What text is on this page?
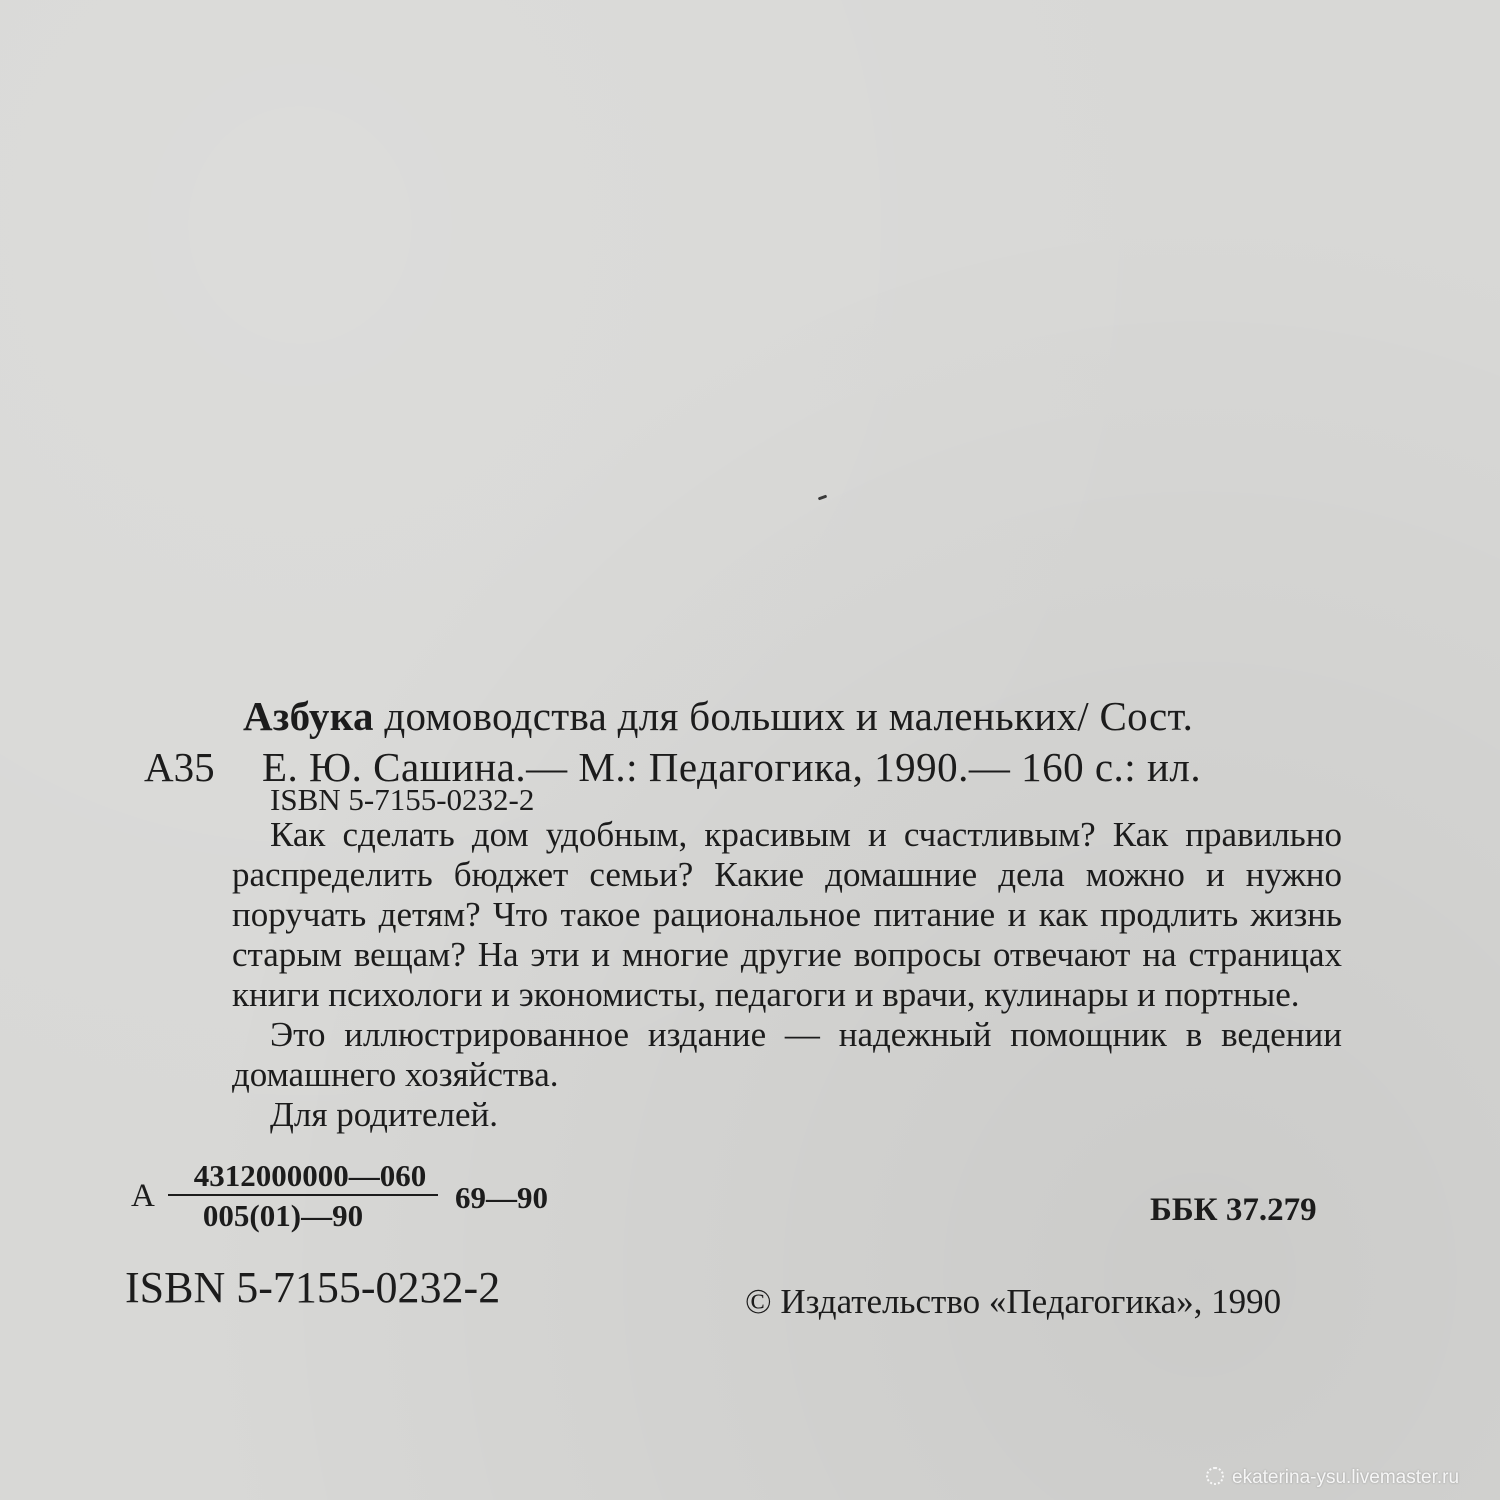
Азбука домоводства для больших и маленьких/ Сост.
А35 Е. Ю. Сашина.— М.: Педагогика, 1990.— 160 с.: ил.
ISBN 5-7155-0232-2

Как сделать дом удобным, красивым и счастливым? Как правильно распределить бюджет семьи? Какие домашние дела можно и нужно поручать детям? Что такое рациональное питание и как продлить жизнь старым вещам? На эти и многие другие вопросы отвечают на страницах книги психологи и экономисты, педагоги и врачи, кулинары и портные.

Это иллюстрированное издание — надежный помощник в ведении домашнего хозяйства.

Для родителей.

А
4312000000—060
005(01)—90
69—90	ББК 37.279
ISBN 5-7155-0232-2	© Издательство «Педагогика», 1990
ekaterina-ysu.livemaster.ru
